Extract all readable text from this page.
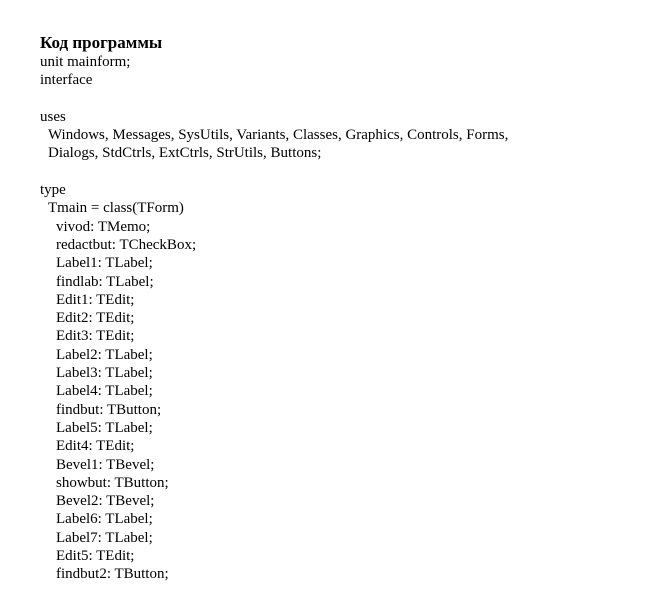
Код программы
unit mainform;
interface
uses
Windows, Messages, SysUtils, Variants, Classes, Graphics, Controls, Forms,
Dialogs, StdCtrls, ExtCtrls, StrUtils, Buttons;
type
Tmain = class(TForm)
vivod: TMemo;
redactbut: TCheckBox;
Label1: TLabel;
findlab: TLabel;
Edit1: TEdit;
Edit2: TEdit;
Edit3: TEdit;
Label2: TLabel;
Label3: TLabel;
Label4: TLabel;
findbut: TButton;
Label5: TLabel;
Edit4: TEdit;
Bevel1: TBevel;
showbut: TButton;
Bevel2: TBevel;
Label6: TLabel;
Label7: TLabel;
Edit5: TEdit;
findbut2: TButton;
